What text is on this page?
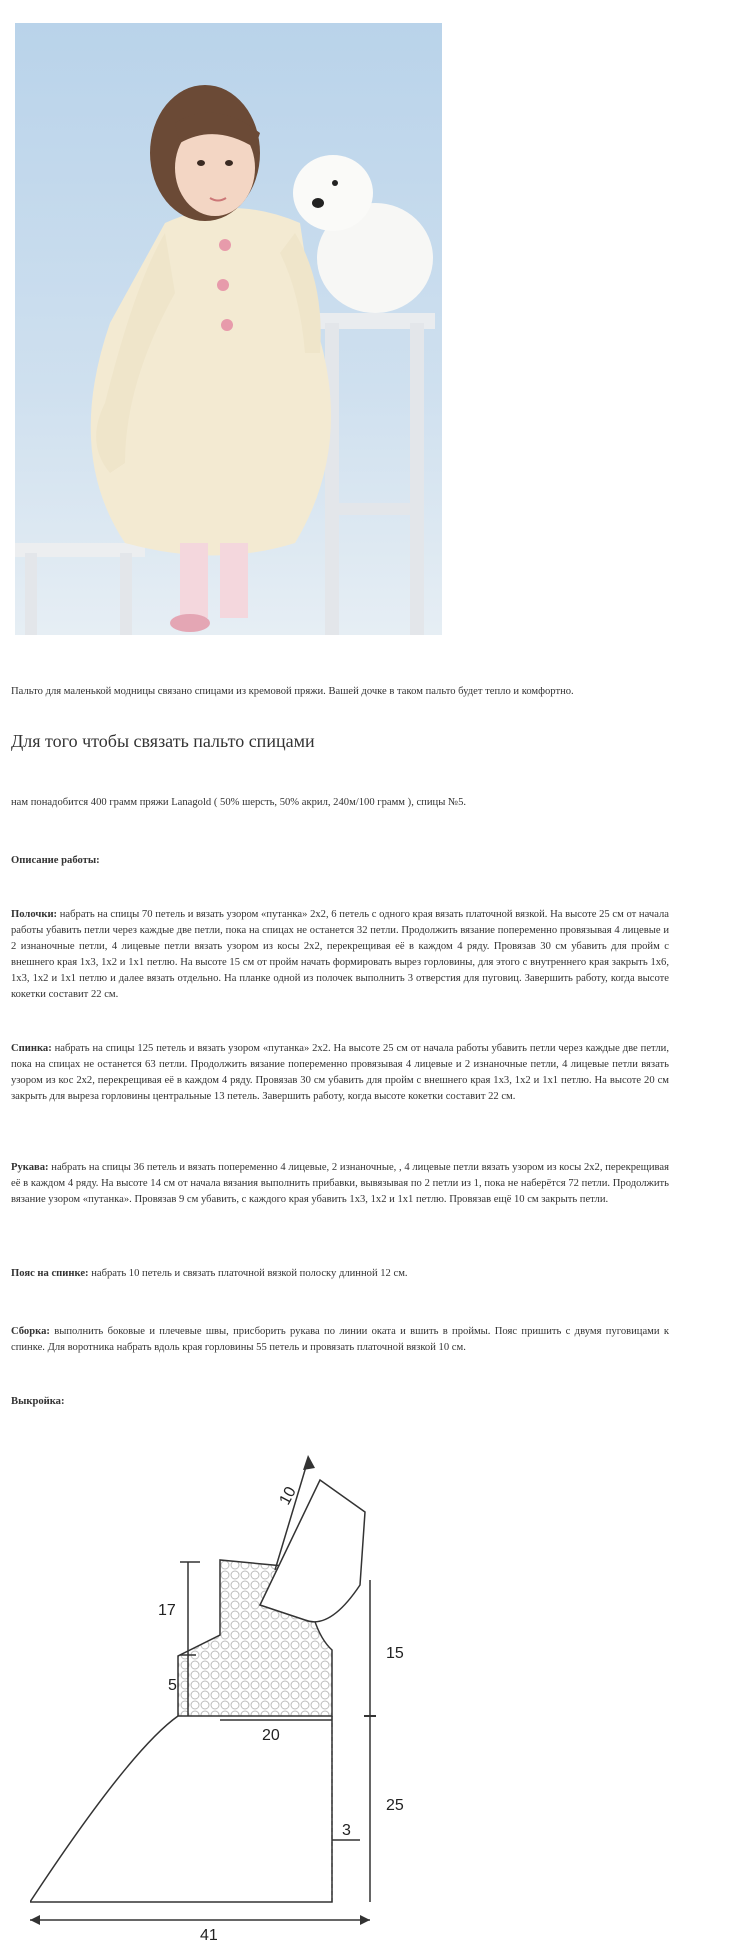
Пальто для маленькой модницы связано спицами из кремовой пряжи. Вашей дочке в таком пальто будет тепло и комфортно.

Для того чтобы связать пальто спицами

нам понадобится 400 грамм пряжи Lanagold ( 50% шерсть, 50% акрил, 240м/100 грамм ), спицы №5.

Описание работы:

Полочки: набрать на спицы 70 петель и вязать узором «путанка» 2х2, 6 петель с одного края вязать платочной вязкой. На высоте 25 см от начала работы убавить петли через каждые две петли, пока на спицах не останется 32 петли. Продолжить вязание попеременно провязывая 4 лицевые и 2 изнаночные петли, 4 лицевые петли вязать узором из косы 2х2, перекрещивая её в каждом 4 ряду. Провязав 30 см убавить для пройм с внешнего края 1х3, 1х2 и 1х1 петлю. На высоте 15 см от пройм начать формировать вырез горловины, для этого с внутреннего края закрыть 1х6, 1х3, 1х2 и 1х1 петлю и далее вязать отдельно. На планке одной из полочек выполнить 3 отверстия для пуговиц. Завершить работу, когда высоте кокетки составит 22 см.

Спинка: набрать на спицы 125 петель и вязать узором «путанка» 2х2. На высоте 25 см от начала работы убавить петли через каждые две петли, пока на спицах не останется 63 петли. Продолжить вязание попеременно провязывая 4 лицевые и 2 изнаночные петли, 4 лицевые петли вязать узором из кос 2х2, перекрещивая её в каждом 4 ряду. Провязав 30 см убавить для пройм с внешнего края 1х3, 1х2 и 1х1 петлю. На высоте 20 см закрыть для выреза горловины центральные 13 петель. Завершить работу, когда высоте кокетки составит 22 см.

Рукава: набрать на спицы 36 петель и вязать попеременно 4 лицевые, 2 изнаночные, , 4 лицевые петли вязать узором из косы 2х2, перекрещивая её в каждом 4 ряду. На высоте 14 см от начала вязания выполнить прибавки, вывязывая по 2 петли из 1, пока не наберётся 72 петли. Продолжить вязание узором «путанка». Провязав 9 см убавить, с каждого края убавить 1х3, 1х2 и 1х1 петлю. Провязав ещё 10 см закрыть петли.

Пояс на спинке: набрать 10 петель и связать платочной вязкой полоску длинной 12 см.

Сборка: выполнить боковые и плечевые швы, присборить рукава по линии оката и вшить в проймы. Пояс пришить с двумя пуговицами к спинке. Для воротника набрать вдоль края горловины 55 петель и провязать платочной вязкой 10 см.

Выкройка:

10
17
5
20
15
25
3
41
